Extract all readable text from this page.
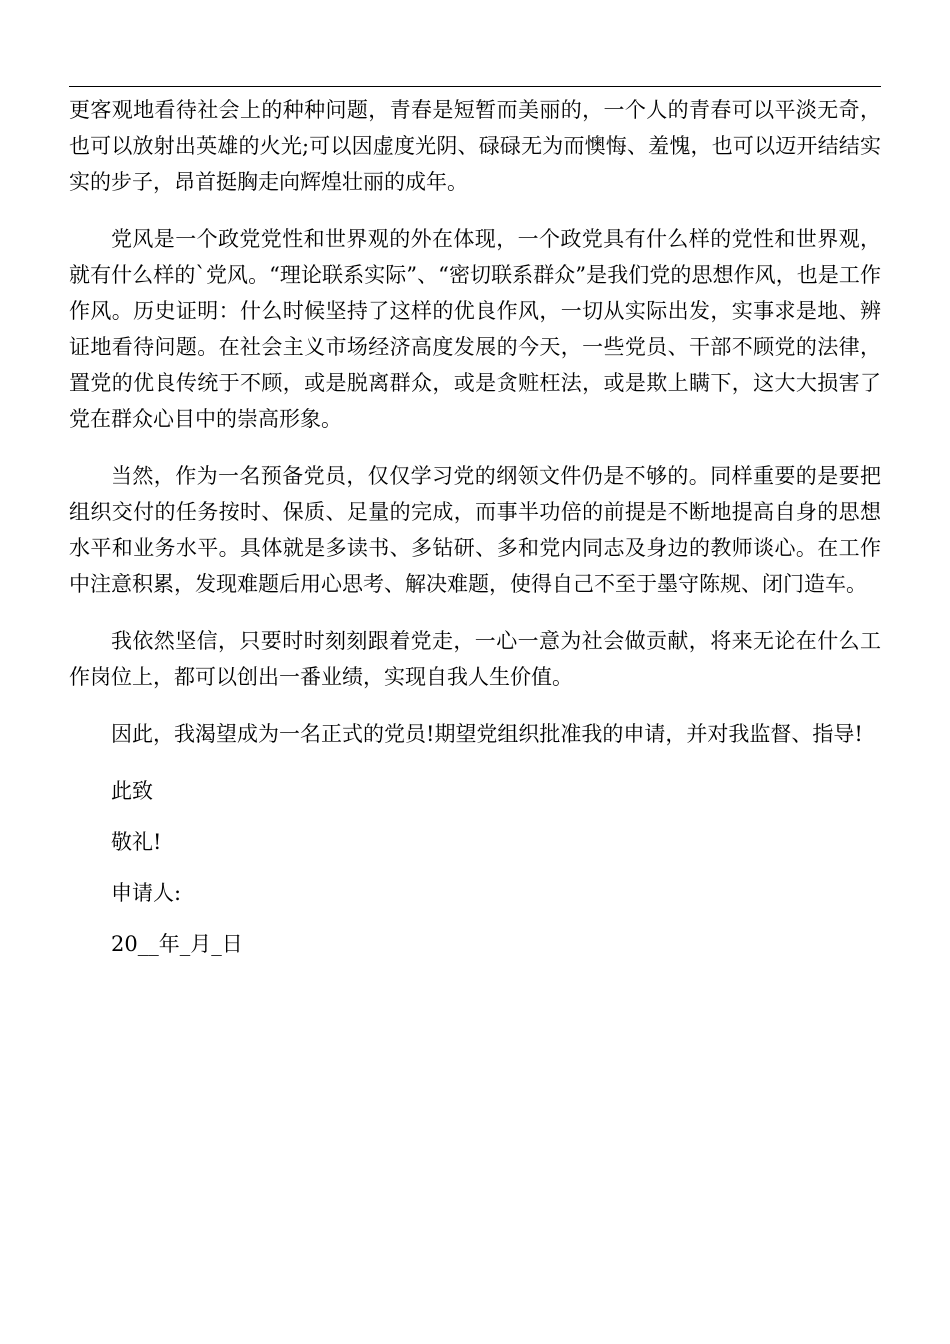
更客观地看待社会上的种种问题，青春是短暂而美丽的，一个人的青春可以平淡无奇，也可以放射出英雄的火光;可以因虚度光阴、碌碌无为而懊悔、羞愧，也可以迈开结结实实的步子，昂首挺胸走向辉煌壮丽的成年。

党风是一个政党党性和世界观的外在体现，一个政党具有什么样的党性和世界观，就有什么样的`党风。“理论联系实际”、“密切联系群众”是我们党的思想作风，也是工作作风。历史证明：什么时候坚持了这样的优良作风，一切从实际出发，实事求是地、辨证地看待问题。在社会主义市场经济高度发展的今天，一些党员、干部不顾党的法律，置党的优良传统于不顾，或是脱离群众，或是贪赃枉法，或是欺上瞒下，这大大损害了党在群众心目中的崇高形象。

当然，作为一名预备党员，仅仅学习党的纲领文件仍是不够的。同样重要的是要把组织交付的任务按时、保质、足量的完成，而事半功倍的前提是不断地提高自身的思想水平和业务水平。具体就是多读书、多钻研、多和党内同志及身边的教师谈心。在工作中注意积累，发现难题后用心思考、解决难题，使得自己不至于墨守陈规、闭门造车。

我依然坚信，只要时时刻刻跟着党走，一心一意为社会做贡献，将来无论在什么工作岗位上，都可以创出一番业绩，实现自我人生价值。

因此，我渴望成为一名正式的党员!期望党组织批准我的申请，并对我监督、指导!

此致

敬礼!

申请人:

20__年_月_日
